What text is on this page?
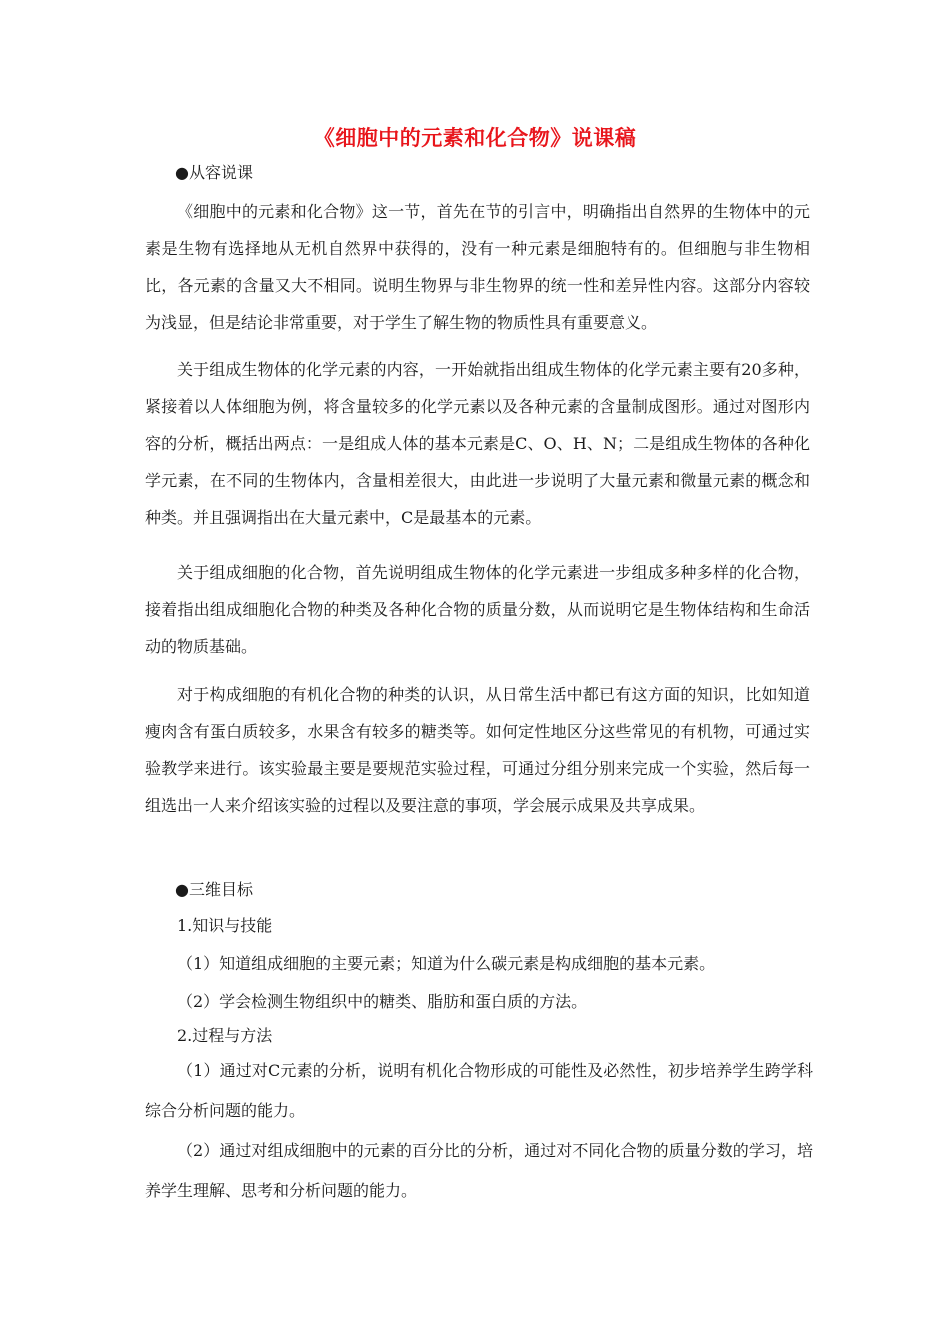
《细胞中的元素和化合物》说课稿
●从容说课

《细胞中的元素和化合物》这一节，首先在节的引言中，明确指出自然界的生物体中的元素是生物有选择地从无机自然界中获得的，没有一种元素是细胞特有的。但细胞与非生物相比，各元素的含量又大不相同。说明生物界与非生物界的统一性和差异性内容。这部分内容较为浅显，但是结论非常重要，对于学生了解生物的物质性具有重要意义。

关于组成生物体的化学元素的内容，一开始就指出组成生物体的化学元素主要有20多种，紧接着以人体细胞为例，将含量较多的化学元素以及各种元素的含量制成图形。通过对图形内容的分析，概括出两点：一是组成人体的基本元素是C、O、H、N；二是组成生物体的各种化学元素，在不同的生物体内，含量相差很大，由此进一步说明了大量元素和微量元素的概念和种类。并且强调指出在大量元素中，C是最基本的元素。

关于组成细胞的化合物，首先说明组成生物体的化学元素进一步组成多种多样的化合物，接着指出组成细胞化合物的种类及各种化合物的质量分数，从而说明它是生物体结构和生命活动的物质基础。

对于构成细胞的有机化合物的种类的认识，从日常生活中都已有这方面的知识，比如知道瘦肉含有蛋白质较多，水果含有较多的糖类等。如何定性地区分这些常见的有机物，可通过实验教学来进行。该实验最主要是要规范实验过程，可通过分组分别来完成一个实验，然后每一组选出一人来介绍该实验的过程以及要注意的事项，学会展示成果及共享成果。

●三维目标
1.知识与技能

（1）知道组成细胞的主要元素；知道为什么碳元素是构成细胞的基本元素。

（2）学会检测生物组织中的糖类、脂肪和蛋白质的方法。

2.过程与方法

（1）通过对C元素的分析，说明有机化合物形成的可能性及必然性，初步培养学生跨学科综合分析问题的能力。

（2）通过对组成细胞中的元素的百分比的分析，通过对不同化合物的质量分数的学习，培养学生理解、思考和分析问题的能力。
